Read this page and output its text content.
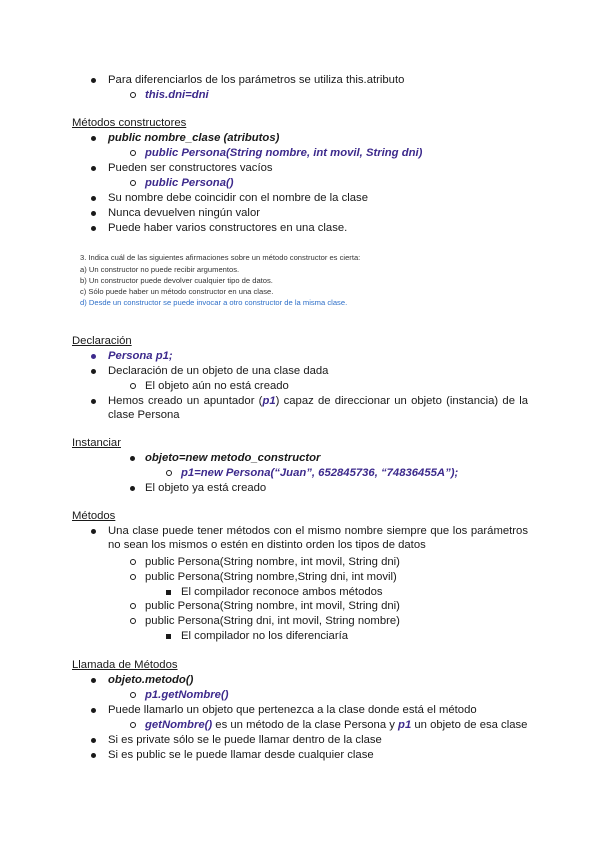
Para diferenciarlos de los parámetros se utiliza this.atributo
this.dni=dni
Métodos constructores
public nombre_clase (atributos)
public Persona(String nombre, int movil, String dni)
Pueden ser constructores vacíos
public Persona()
Su nombre debe coincidir con el nombre de la clase
Nunca devuelven ningún valor
Puede haber varios constructores en una clase.
3. Indica cuál de las siguientes afirmaciones sobre un método constructor es cierta:
a) Un constructor no puede recibir argumentos.
b) Un constructor puede devolver cualquier tipo de datos.
c) Sólo puede haber un método constructor en una clase.
d) Desde un constructor se puede invocar a otro constructor de la misma clase.
Declaración
Persona p1;
Declaración de un objeto de una clase dada
El objeto aún no está creado
Hemos creado un apuntador (p1) capaz de direccionar un objeto (instancia) de la clase Persona
Instanciar
objeto=new metodo_constructor
p1=new Persona(“Juan”, 652845736, “74836455A”);
El objeto ya está creado
Métodos
Una clase puede tener métodos con el mismo nombre siempre que los parámetros no sean los mismos o estén en distinto orden los tipos de datos
public Persona(String nombre, int movil, String dni)
public Persona(String nombre,String dni, int movil)
El compilador reconoce ambos métodos
public Persona(String nombre, int movil, String dni)
public Persona(String dni, int movil, String nombre)
El compilador no los diferenciaría
Llamada de Métodos
objeto.metodo()
p1.getNombre()
Puede llamarlo un objeto que pertenezca a la clase donde está el método
getNombre() es un método de la clase Persona y p1 un objeto de esa clase
Si es private sólo se le puede llamar dentro de la clase
Si es public se le puede llamar desde cualquier clase
